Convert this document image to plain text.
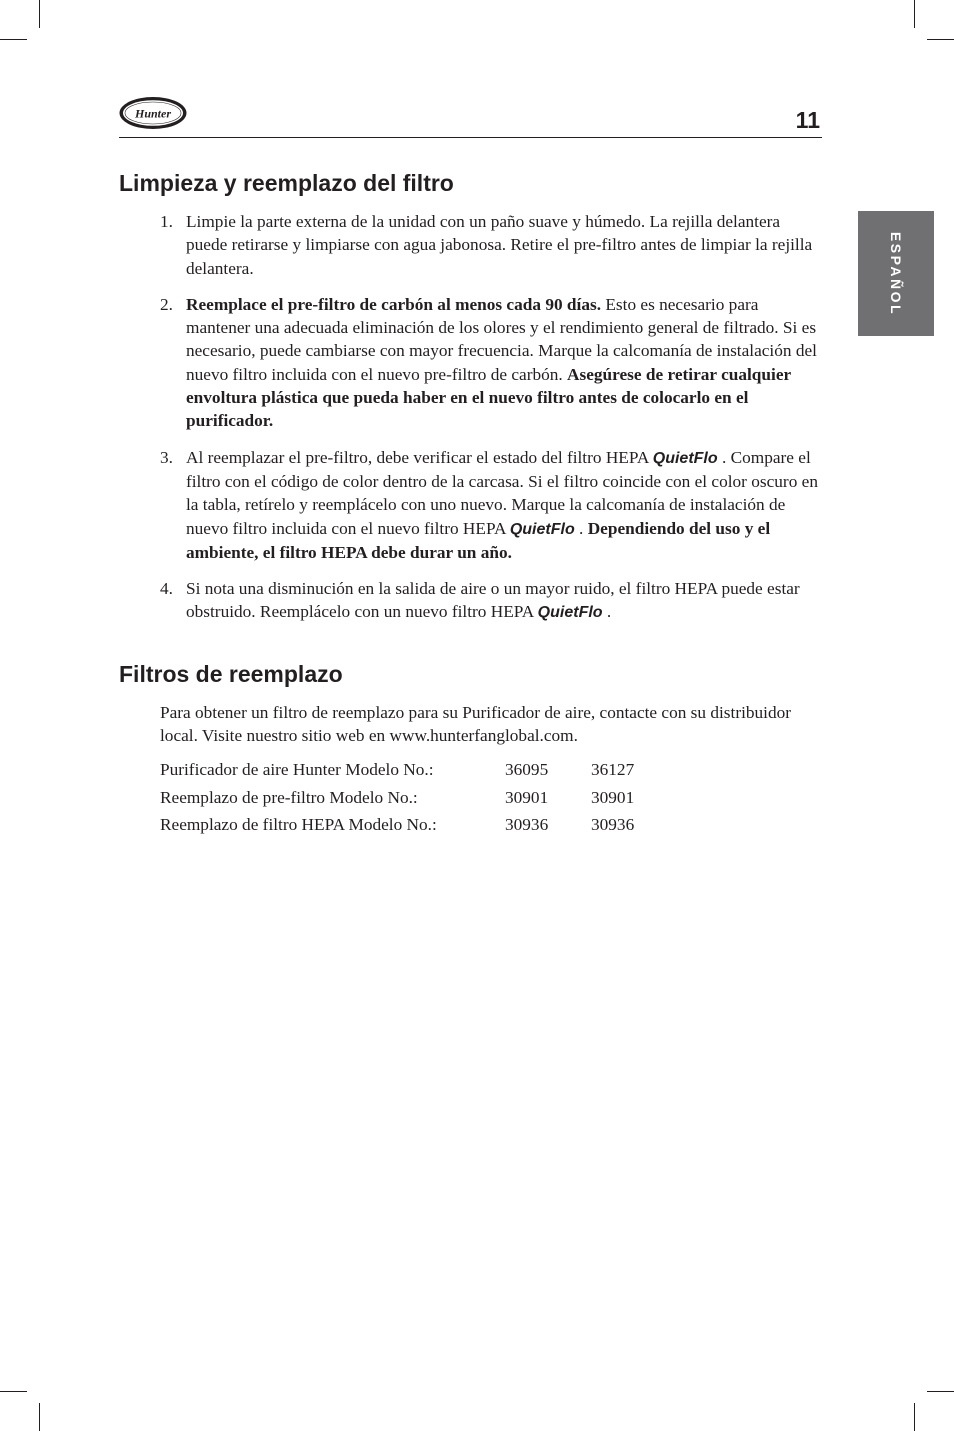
Hunter	11
ESPAÑOL
Limpieza y reemplazo del filtro
1. Limpie la parte externa de la unidad con un paño suave y húmedo. La rejilla delantera puede retirarse y limpiarse con agua jabonosa. Retire el pre-filtro antes de limpiar la rejilla delantera.
2. Reemplace el pre-filtro de carbón al menos cada 90 días. Esto es necesario para mantener una adecuada eliminación de los olores y el rendimiento general de filtrado. Si es necesario, puede cambiarse con mayor frecuencia. Marque la calcomanía de instalación del nuevo filtro incluida con el nuevo pre-filtro de carbón. Asegúrese de retirar cualquier envoltura plástica que pueda haber en el nuevo filtro antes de colocarlo en el purificador.
3. Al reemplazar el pre-filtro, debe verificar el estado del filtro HEPA QuietFlo . Compare el filtro con el código de color dentro de la carcasa. Si el filtro coincide con el color oscuro en la tabla, retírelo y reemplácelo con uno nuevo. Marque la calcomanía de instalación de nuevo filtro incluida con el nuevo filtro HEPA QuietFlo . Dependiendo del uso y el ambiente, el filtro HEPA debe durar un año.
4. Si nota una disminución en la salida de aire o un mayor ruido, el filtro HEPA puede estar obstruido. Reemplácelo con un nuevo filtro HEPA QuietFlo .
Filtros de reemplazo

Para obtener un filtro de reemplazo para su Purificador de aire, contacte con su distribuidor local. Visite nuestro sitio web en www.hunterfanglobal.com.

Purificador de aire Hunter Modelo No.:	36095	36127
Reemplazo de pre-filtro Modelo No.:	30901	30901
Reemplazo de filtro HEPA Modelo No.:	30936	30936
